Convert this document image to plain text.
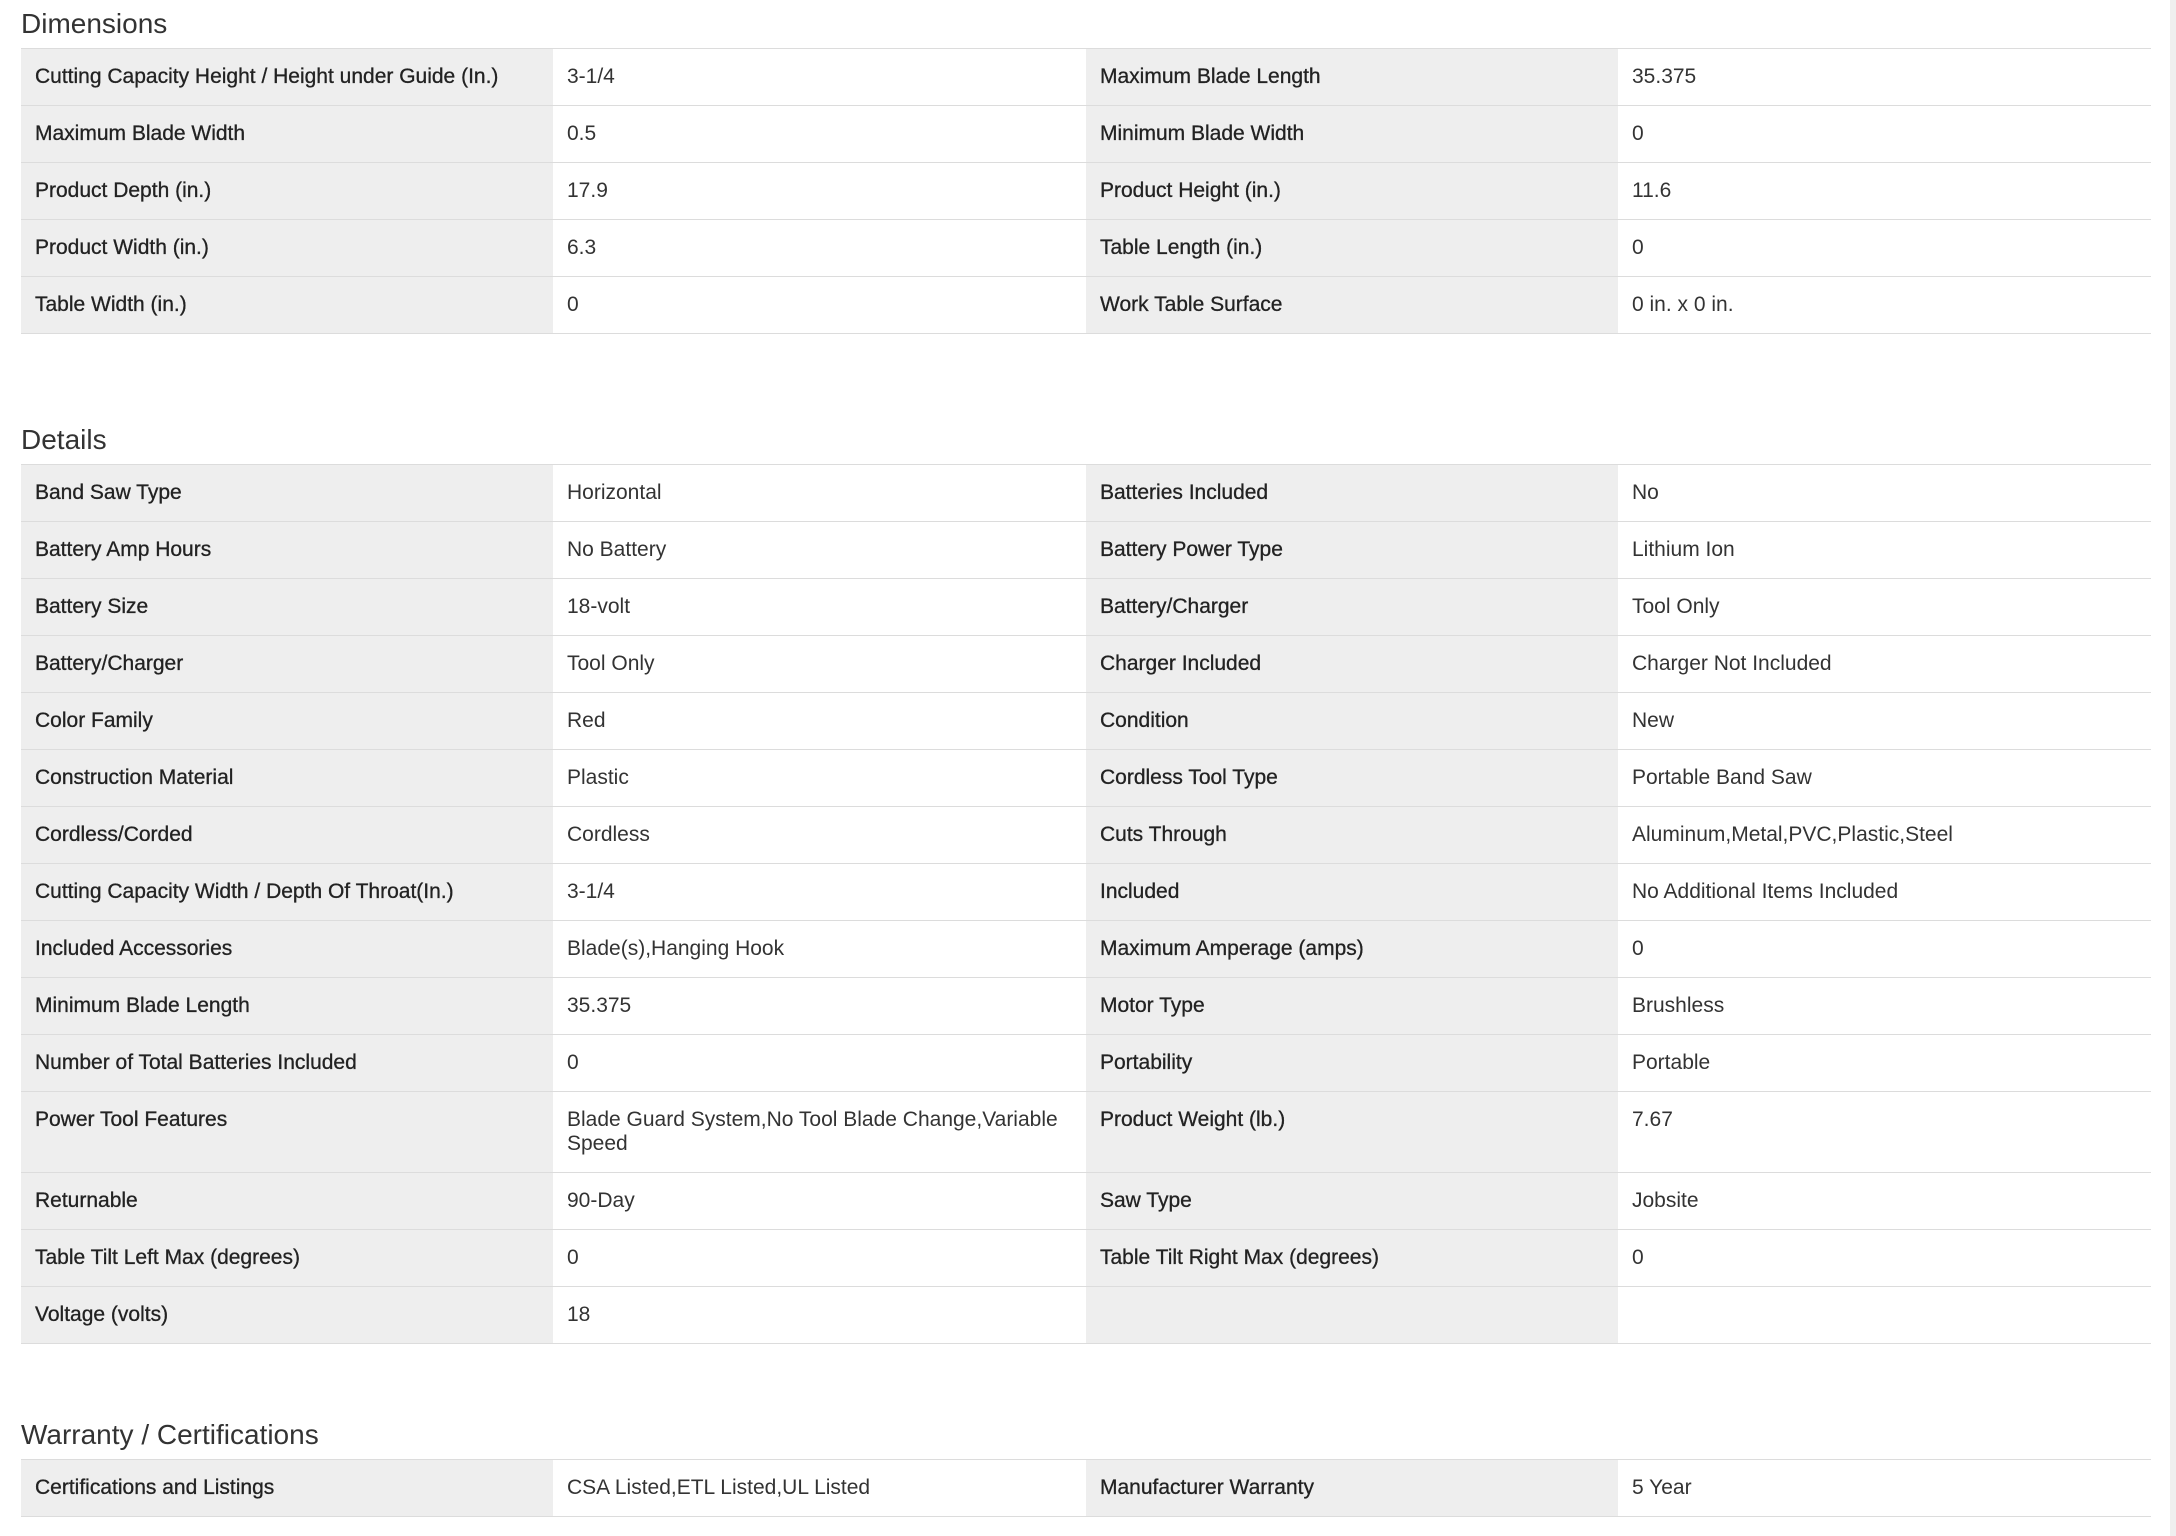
Dimensions
Cutting Capacity Height / Height under Guide (In.)	3-1/4	Maximum Blade Length	35.375
Maximum Blade Width	0.5	Minimum Blade Width	0
Product Depth (in.)	17.9	Product Height (in.)	11.6
Product Width (in.)	6.3	Table Length (in.)	0
Table Width (in.)	0	Work Table Surface	0 in. x 0 in.
Details
Band Saw Type	Horizontal	Batteries Included	No
Battery Amp Hours	No Battery	Battery Power Type	Lithium Ion
Battery Size	18-volt	Battery/Charger	Tool Only
Battery/Charger	Tool Only	Charger Included	Charger Not Included
Color Family	Red	Condition	New
Construction Material	Plastic	Cordless Tool Type	Portable Band Saw
Cordless/Corded	Cordless	Cuts Through	Aluminum,Metal,PVC,Plastic,Steel
Cutting Capacity Width / Depth Of Throat(In.)	3-1/4	Included	No Additional Items Included
Included Accessories	Blade(s),Hanging Hook	Maximum Amperage (amps)	0
Minimum Blade Length	35.375	Motor Type	Brushless
Number of Total Batteries Included	0	Portability	Portable
Power Tool Features	Blade Guard System,No Tool Blade Change,Variable Speed	Product Weight (lb.)	7.67
Returnable	90-Day	Saw Type	Jobsite
Table Tilt Left Max (degrees)	0	Table Tilt Right Max (degrees)	0
Voltage (volts)	18		
Warranty / Certifications
Certifications and Listings	CSA Listed,ETL Listed,UL Listed	Manufacturer Warranty	5 Year
